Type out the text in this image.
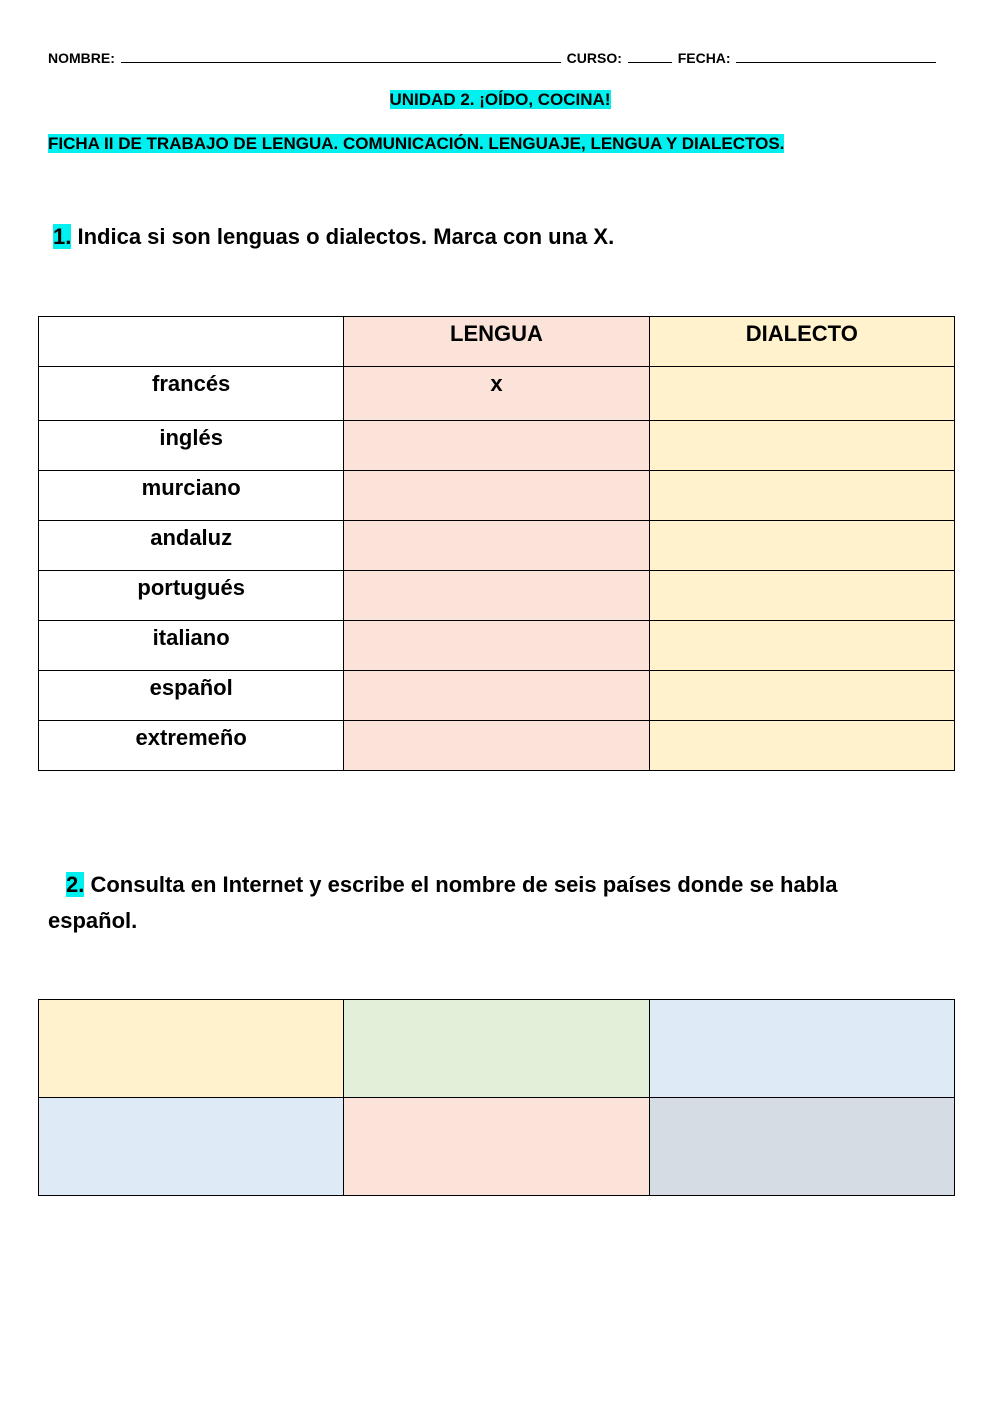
NOMBRE:	CURSO:	FECHA:
UNIDAD 2. ¡OÍDO, COCINA!
FICHA II DE TRABAJO DE LENGUA. COMUNICACIÓN. LENGUAJE, LENGUA Y DIALECTOS.
1. Indica si son lenguas o dialectos. Marca con una X.
	LENGUA	DIALECTO
francés	x	
inglés		
murciano		
andaluz		
portugués		
italiano		
español		
extremeño		
2. Consulta en Internet y escribe el nombre de seis países donde se habla
español.
